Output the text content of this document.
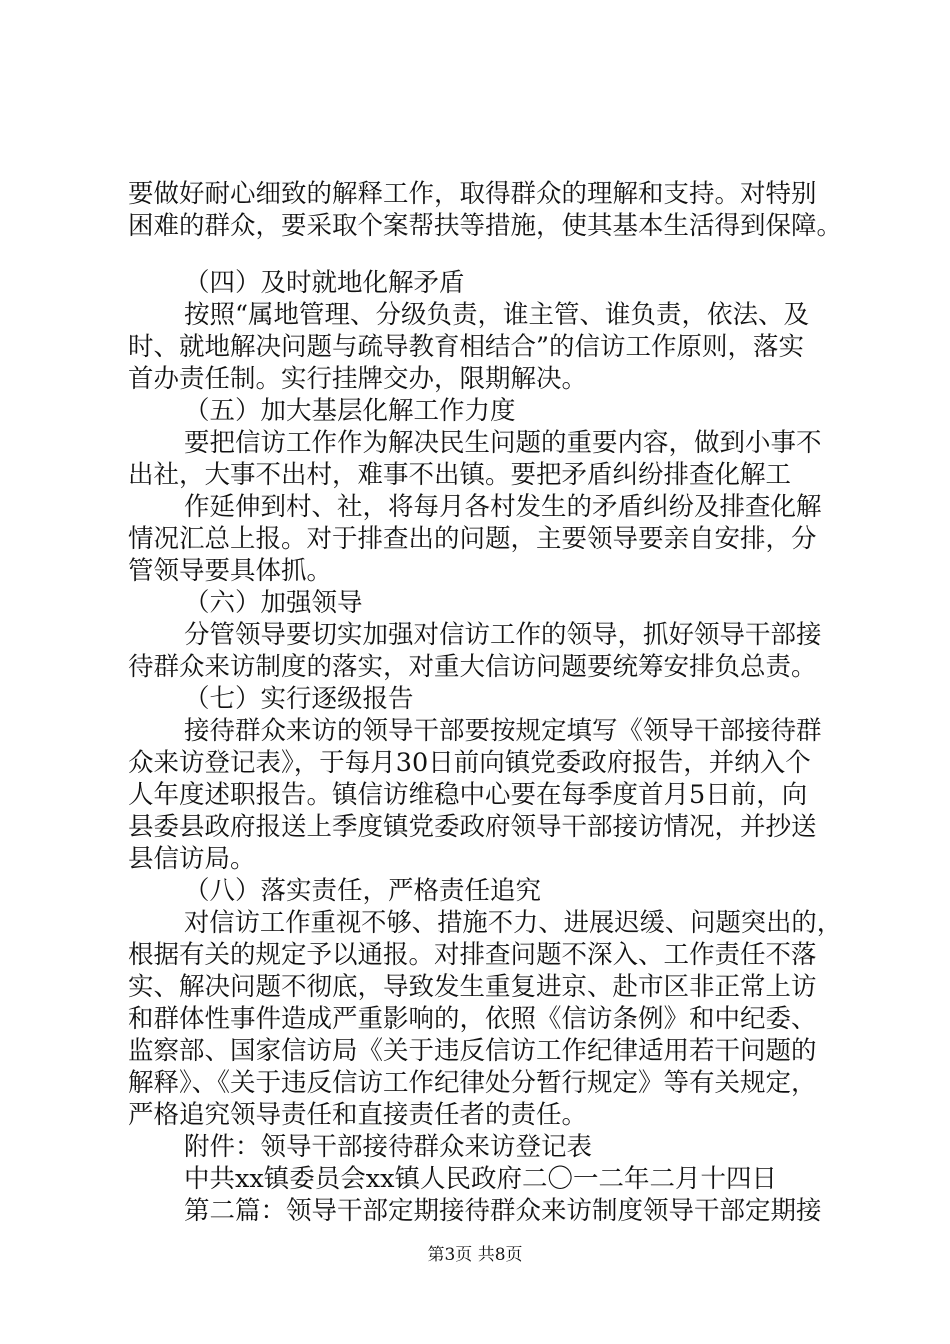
要做好耐心细致的解释工作，取得群众的理解和支持。对特别
困难的群众，要采取个案帮扶等措施，使其基本生活得到保障。
（四）及时就地化解矛盾
按照“属地管理、分级负责，谁主管、谁负责，依法、及
时、就地解决问题与疏导教育相结合”的信访工作原则，落实
首办责任制。实行挂牌交办，限期解决。
（五）加大基层化解工作力度
要把信访工作作为解决民生问题的重要内容，做到小事不
出社，大事不出村，难事不出镇。要把矛盾纠纷排查化解工
作延伸到村、社，将每月各村发生的矛盾纠纷及排查化解
情况汇总上报。对于排查出的问题，主要领导要亲自安排，分
管领导要具体抓。
（六）加强领导
分管领导要切实加强对信访工作的领导，抓好领导干部接
待群众来访制度的落实，对重大信访问题要统筹安排负总责。
（七）实行逐级报告
接待群众来访的领导干部要按规定填写《领导干部接待群
众来访登记表》，于每月30日前向镇党委政府报告，并纳入个
人年度述职报告。镇信访维稳中心要在每季度首月5日前，向
县委县政府报送上季度镇党委政府领导干部接访情况，并抄送
县信访局。
（八）落实责任，严格责任追究
对信访工作重视不够、措施不力、进展迟缓、问题突出的，
根据有关的规定予以通报。对排查问题不深入、工作责任不落
实、解决问题不彻底，导致发生重复进京、赴市区非正常上访
和群体性事件造成严重影响的，依照《信访条例》和中纪委、
监察部、国家信访局《关于违反信访工作纪律适用若干问题的
解释》、《关于违反信访工作纪律处分暂行规定》等有关规定，
严格追究领导责任和直接责任者的责任。
附件：领导干部接待群众来访登记表
中共xx镇委员会xx镇人民政府二〇一二年二月十四日
第二篇：领导干部定期接待群众来访制度领导干部定期接
第3页 共8页
